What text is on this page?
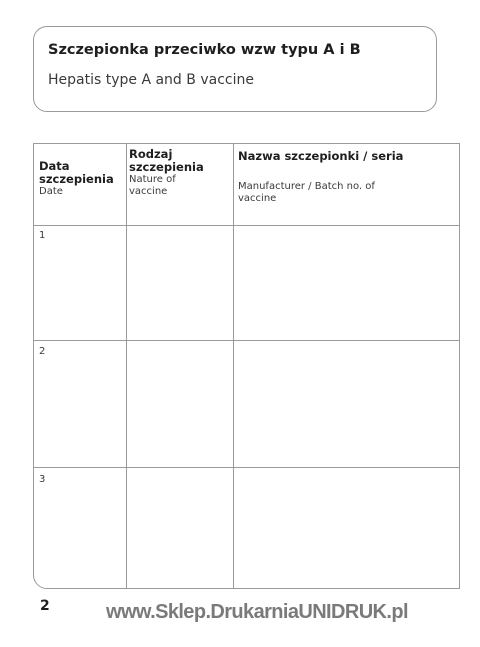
Szczepionka przeciwko wzw typu A i B
Hepatis type A and B vaccine
Data szczepienia
Date
Rodzaj szczepienia
Nature of vaccine
Nazwa szczepionki / seria
Manufacturer / Batch no. of vaccine
1
2
3
2	www.Sklep.DrukarniaUNIDRUK.pl
